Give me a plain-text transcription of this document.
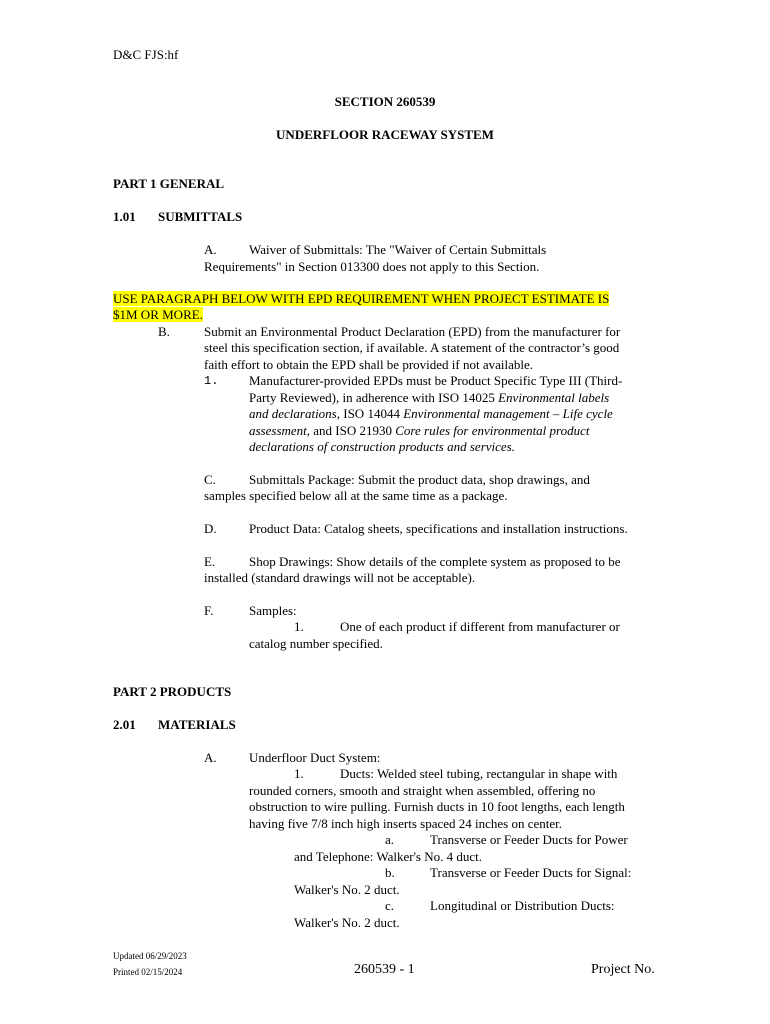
D&C FJS:hf
SECTION 260539
UNDERFLOOR RACEWAY SYSTEM
PART 1 GENERAL
1.01 SUBMITTALS
A. Waiver of Submittals: The "Waiver of Certain Submittals
Requirements" in Section 013300 does not apply to this Section.
USE PARAGRAPH BELOW WITH EPD REQUIREMENT WHEN PROJECT ESTIMATE IS
$1M OR MORE.
B.	Submit an Environmental Product Declaration (EPD) from the manufacturer for
steel this specification section, if available. A statement of the contractor’s good
faith effort to obtain the EPD shall be provided if not available.
1. Manufacturer-provided EPDs must be Product Specific Type III (Third-
Party Reviewed), in adherence with ISO 14025 Environmental labels
and declarations, ISO 14044 Environmental management – Life cycle
assessment, and ISO 21930 Core rules for environmental product
declarations of construction products and services.
C.	Submittals Package: Submit the product data, shop drawings, and
samples specified below all at the same time as a package.
D. Product Data: Catalog sheets, specifications and installation instructions.
E.	Shop Drawings: Show details of the complete system as proposed to be
installed (standard drawings will not be acceptable).
F.	Samples:
1.	One of each product if different from manufacturer or
catalog number specified.
PART 2 PRODUCTS
2.01 MATERIALS
A. Underfloor Duct System:
1.	Ducts: Welded steel tubing, rectangular in shape with
rounded corners, smooth and straight when assembled, offering no
obstruction to wire pulling. Furnish ducts in 10 foot lengths, each length
having five 7/8 inch high inserts spaced 24 inches on center.
a.	Transverse or Feeder Ducts for Power
and Telephone: Walker's No. 4 duct.
b.	Transverse or Feeder Ducts for Signal:
Walker's No. 2 duct.
c.	Longitudinal or Distribution Ducts:
Walker's No. 2 duct.
Updated 06/29/2023
Printed 02/15/2024	260539 - 1	Project No.
